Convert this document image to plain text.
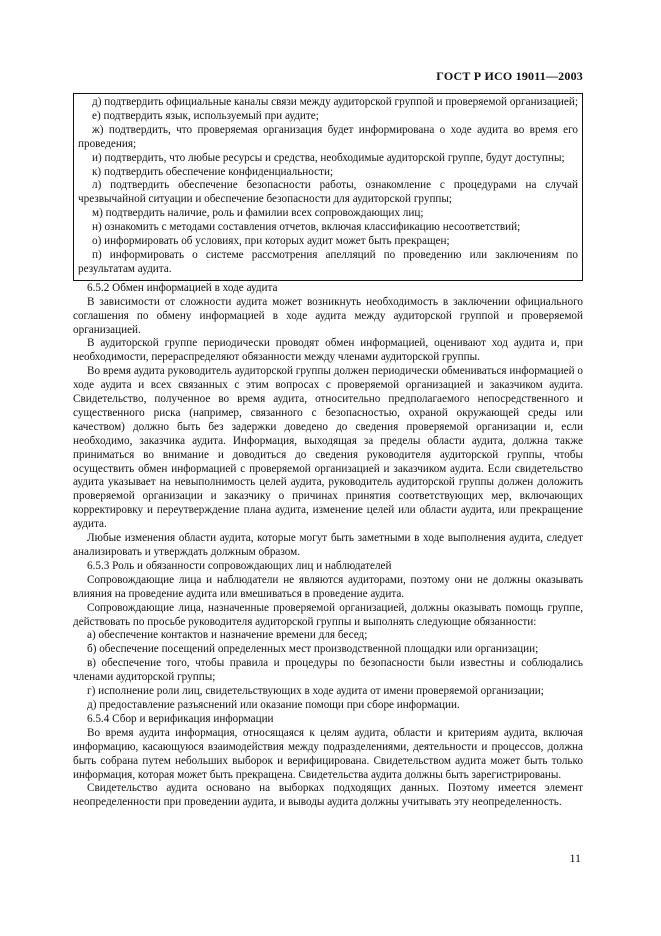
ГОСТ Р ИСО 19011—2003

д) подтвердить официальные каналы связи между аудиторской группой и проверяемой организацией;

е) подтвердить язык, используемый при аудите;

ж) подтвердить, что проверяемая организация будет информирована о ходе аудита во время его проведения;

и) подтвердить, что любые ресурсы и средства, необходимые аудиторской группе, будут доступны;

к) подтвердить обеспечение конфиденциальности;

л) подтвердить обеспечение безопасности работы, ознакомление с процедурами на случай чрезвычайной ситуации и обеспечение безопасности для аудиторской группы;

м) подтвердить наличие, роль и фамилии всех сопровождающих лиц;

н) ознакомить с методами составления отчетов, включая классификацию несоответствий;

о) информировать об условиях, при которых аудит может быть прекращен;

п) информировать о системе рассмотрения апелляций по проведению или заключениям по результатам аудита.

6.5.2 Обмен информацией в ходе аудита

В зависимости от сложности аудита может возникнуть необходимость в заключении официального соглашения по обмену информацией в ходе аудита между аудиторской группой и проверяемой организацией.

В аудиторской группе периодически проводят обмен информацией, оценивают ход аудита и, при необходимости, перераспределяют обязанности между членами аудиторской группы.

Во время аудита руководитель аудиторской группы должен периодически обмениваться информацией о ходе аудита и всех связанных с этим вопросах с проверяемой организацией и заказчиком аудита. Свидетельство, полученное во время аудита, относительно предполагаемого непосредственного и существенного риска (например, связанного с безопасностью, охраной окружающей среды или качеством) должно быть без задержки доведено до сведения проверяемой организации и, если необходимо, заказчика аудита. Информация, выходящая за пределы области аудита, должна также приниматься во внимание и доводиться до сведения руководителя аудиторской группы, чтобы осуществить обмен информацией с проверяемой организацией и заказчиком аудита. Если свидетельство аудита указывает на невыполнимость целей аудита, руководитель аудиторской группы должен доложить проверяемой организации и заказчику о причинах принятия соответствующих мер, включающих корректировку и переутверждение плана аудита, изменение целей или области аудита, или прекращение аудита.

Любые изменения области аудита, которые могут быть заметными в ходе выполнения аудита, следует анализировать и утверждать должным образом.

6.5.3 Роль и обязанности сопровождающих лиц и наблюдателей

Сопровождающие лица и наблюдатели не являются аудиторами, поэтому они не должны оказывать влияния на проведение аудита или вмешиваться в проведение аудита.

Сопровождающие лица, назначенные проверяемой организацией, должны оказывать помощь группе, действовать по просьбе руководителя аудиторской группы и выполнять следующие обязанности:

а) обеспечение контактов и назначение времени для бесед;

б) обеспечение посещений определенных мест производственной площадки или организации;

в) обеспечение того, чтобы правила и процедуры по безопасности были известны и соблюдались членами аудиторской группы;

г) исполнение роли лиц, свидетельствующих в ходе аудита от имени проверяемой организации;

д) предоставление разъяснений или оказание помощи при сборе информации.

6.5.4 Сбор и верификация информации

Во время аудита информация, относящаяся к целям аудита, области и критериям аудита, включая информацию, касающуюся взаимодействия между подразделениями, деятельности и процессов, должна быть собрана путем небольших выборок и верифицирована. Свидетельством аудита может быть только информация, которая может быть прекращена. Свидетельства аудита должны быть зарегистрированы.

Свидетельство аудита основано на выборках подходящих данных. Поэтому имеется элемент неопределенности при проведении аудита, и выводы аудита должны учитывать эту неопределенность.

11
